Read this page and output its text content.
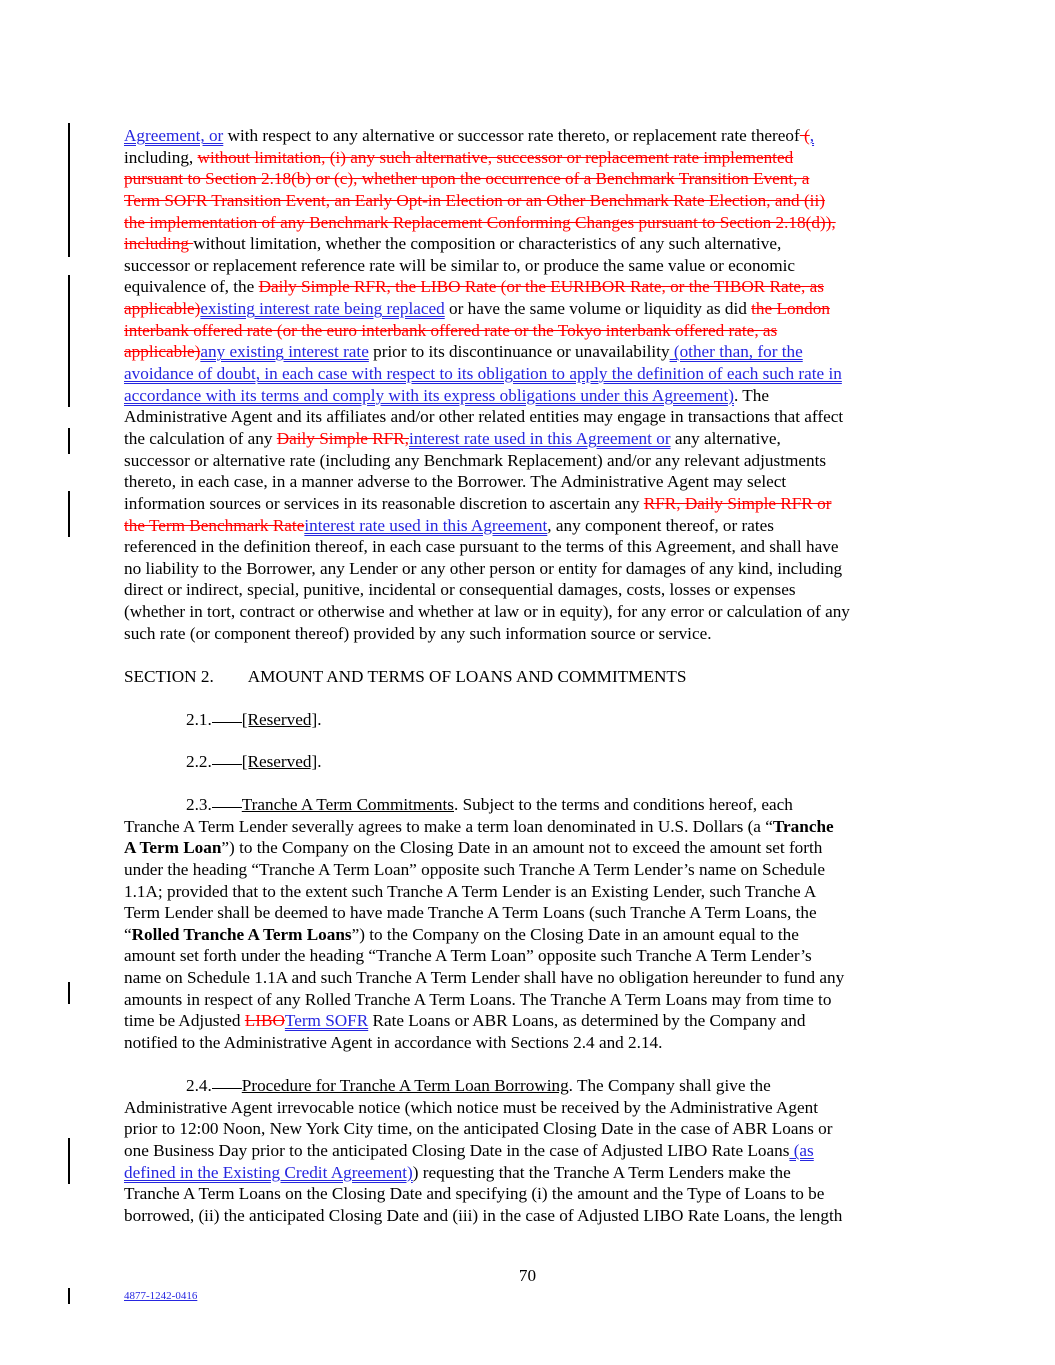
Agreement, or with respect to any alternative or successor rate thereto, or replacement rate thereof (,
including, without limitation, (i) any such alternative, successor or replacement rate implemented
pursuant to Section 2.18(b) or (c), whether upon the occurrence of a Benchmark Transition Event, a
Term SOFR Transition Event, an Early Opt-in Election or an Other Benchmark Rate Election, and (ii)
the implementation of any Benchmark Replacement Conforming Changes pursuant to Section 2.18(d)),
including without limitation, whether the composition or characteristics of any such alternative,
successor or replacement reference rate will be similar to, or produce the same value or economic
equivalence of, the Daily Simple RFR, the LIBO Rate (or the EURIBOR Rate, or the TIBOR Rate, as
applicable)existing interest rate being replaced or have the same volume or liquidity as did the London
interbank offered rate (or the euro interbank offered rate or the Tokyo interbank offered rate, as
applicable)any existing interest rate prior to its discontinuance or unavailability (other than, for the
avoidance of doubt, in each case with respect to its obligation to apply the definition of each such rate in
accordance with its terms and comply with its express obligations under this Agreement). The
Administrative Agent and its affiliates and/or other related entities may engage in transactions that affect
the calculation of any Daily Simple RFR,interest rate used in this Agreement or any alternative,
successor or alternative rate (including any Benchmark Replacement) and/or any relevant adjustments
thereto, in each case, in a manner adverse to the Borrower. The Administrative Agent may select
information sources or services in its reasonable discretion to ascertain any RFR, Daily Simple RFR or
the Term Benchmark Rateinterest rate used in this Agreement, any component thereof, or rates
referenced in the definition thereof, in each case pursuant to the terms of this Agreement, and shall have
no liability to the Borrower, any Lender or any other person or entity for damages of any kind, including
direct or indirect, special, punitive, incidental or consequential damages, costs, losses or expenses
(whether in tort, contract or otherwise and whether at law or in equity), for any error or calculation of any
such rate (or component thereof) provided by any such information source or service.
SECTION 2. AMOUNT AND TERMS OF LOANS AND COMMITMENTS
2.1. [Reserved].
2.2. [Reserved].
2.3. Tranche A Term Commitments. Subject to the terms and conditions hereof, each
Tranche A Term Lender severally agrees to make a term loan denominated in U.S. Dollars (a “Tranche
A Term Loan”) to the Company on the Closing Date in an amount not to exceed the amount set forth
under the heading “Tranche A Term Loan” opposite such Tranche A Term Lender’s name on Schedule
1.1A; provided that to the extent such Tranche A Term Lender is an Existing Lender, such Tranche A
Term Lender shall be deemed to have made Tranche A Term Loans (such Tranche A Term Loans, the
“Rolled Tranche A Term Loans”) to the Company on the Closing Date in an amount equal to the
amount set forth under the heading “Tranche A Term Loan” opposite such Tranche A Term Lender’s
name on Schedule 1.1A and such Tranche A Term Lender shall have no obligation hereunder to fund any
amounts in respect of any Rolled Tranche A Term Loans. The Tranche A Term Loans may from time to
time be Adjusted LIBOTerm SOFR Rate Loans or ABR Loans, as determined by the Company and
notified to the Administrative Agent in accordance with Sections 2.4 and 2.14.
2.4. Procedure for Tranche A Term Loan Borrowing. The Company shall give the
Administrative Agent irrevocable notice (which notice must be received by the Administrative Agent
prior to 12:00 Noon, New York City time, on the anticipated Closing Date in the case of ABR Loans or
one Business Day prior to the anticipated Closing Date in the case of Adjusted LIBO Rate Loans (as
defined in the Existing Credit Agreement)) requesting that the Tranche A Term Lenders make the
Tranche A Term Loans on the Closing Date and specifying (i) the amount and the Type of Loans to be
borrowed, (ii) the anticipated Closing Date and (iii) in the case of Adjusted LIBO Rate Loans, the length
70
4877-1242-0416
